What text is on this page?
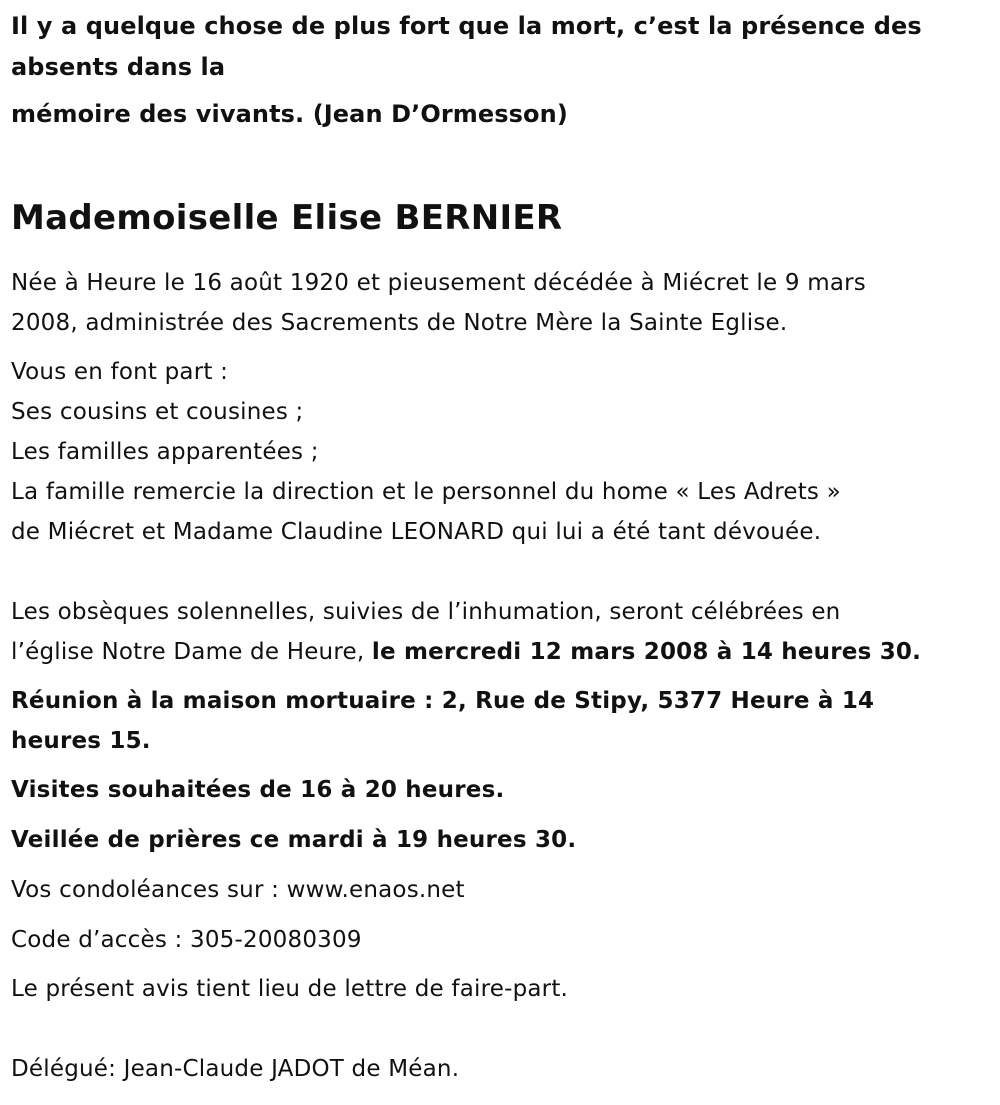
Il y a quelque chose de plus fort que la mort, c’est la présence des
absents dans la
mémoire des vivants. (Jean D’Ormesson)
Mademoiselle Elise BERNIER
Née à Heure le 16 août 1920 et pieusement décédée à Miécret le 9 mars
2008, administrée des Sacrements de Notre Mère la Sainte Eglise.
Vous en font part :
Ses cousins et cousines ;
Les familles apparentées ;
La famille remercie la direction et le personnel du home « Les Adrets »
de Miécret et Madame Claudine LEONARD qui lui a été tant dévouée.
Les obsèques solennelles, suivies de l’inhumation, seront célébrées en
l’église Notre Dame de Heure, le mercredi 12 mars 2008 à 14 heures 30.
Réunion à la maison mortuaire : 2, Rue de Stipy, 5377 Heure à 14
heures 15.
Visites souhaitées de 16 à 20 heures.
Veillée de prières ce mardi à 19 heures 30.
Vos condoléances sur : www.enaos.net
Code d’accès : 305-20080309
Le présent avis tient lieu de lettre de faire-part.
Délégué: Jean-Claude JADOT de Méan.
